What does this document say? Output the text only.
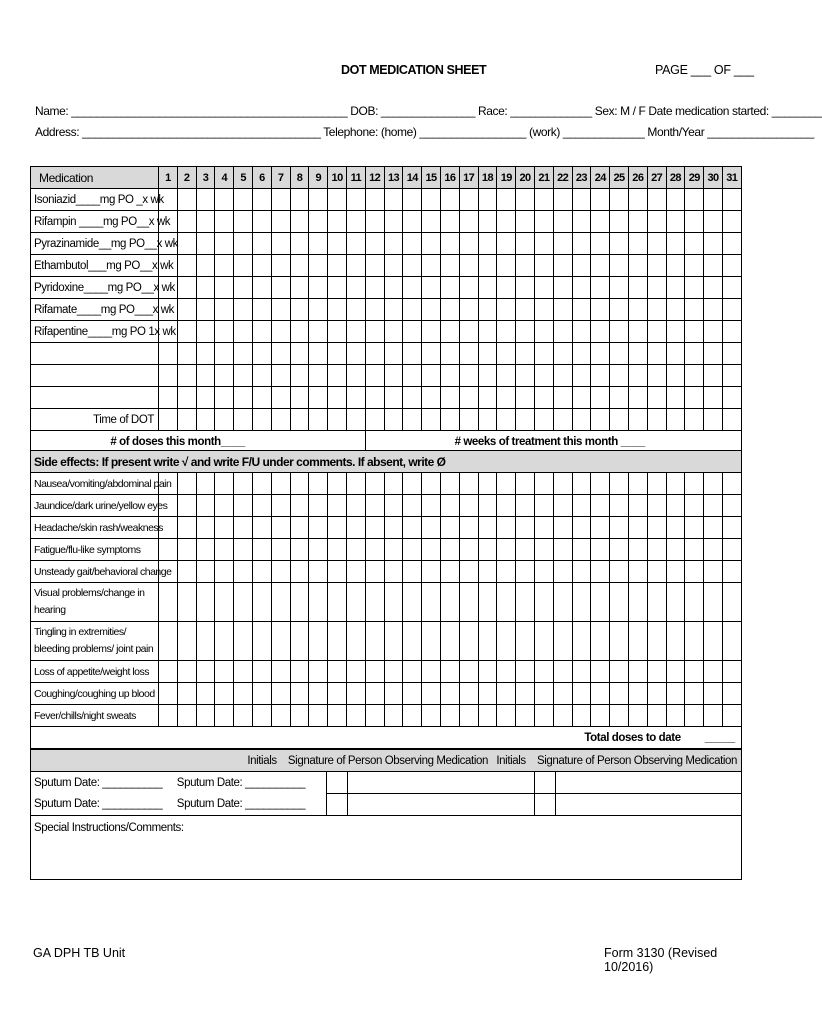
DOT MEDICATION SHEET	PAGE ___ OF ___
Name: ____________________________________________ DOB: _______________ Race: _____________ Sex: M / F Date medication started: ________
Address: ______________________________________ Telephone: (home) _________________ (work) _____________ Month/Year _________________
Medication	1	2	3	4	5	6	7	8	9	10	11	12	13	14	15	16	17	18	19	20	21	22	23	24	25	26	27	28	29	30	31
Isoniazid____mg PO _x wk																															
Rifampin ____mg PO__x wk																															
Pyrazinamide__mg PO__x wk																															
Ethambutol___mg PO__x wk																															
Pyridoxine____mg PO__x wk																															
Rifamate____mg PO___x wk																															
Rifapentine____mg PO 1x wk																															

Time of DOT																															
# of doses this month____												# weeks of treatment this month ____																			
Side effects: If present write √ and write F/U under comments. If absent, write Ø																															
Nausea/vomiting/abdominal pain																															
Jaundice/dark urine/yellow eyes																															
Headache/skin rash/weakness																															
Fatigue/flu-like symptoms																															
Unsteady gait/behavioral change																															
Visual problems/change in hearing																															
Tingling in extremities/ bleeding problems/ joint pain																															
Loss of appetite/weight loss																															
Coughing/coughing up blood																															
Fever/chills/night sweats																															
Total doses to date _____																															
Initials Signature of Person Observing Medication Initials Signature of Person Observing Medication				
Sputum Date: __________ Sputum Date: __________				
Sputum Date: __________ Sputum Date: __________				
Special Instructions/Comments:				
GA DPH TB Unit	Form 3130 (Revised 10/2016)
